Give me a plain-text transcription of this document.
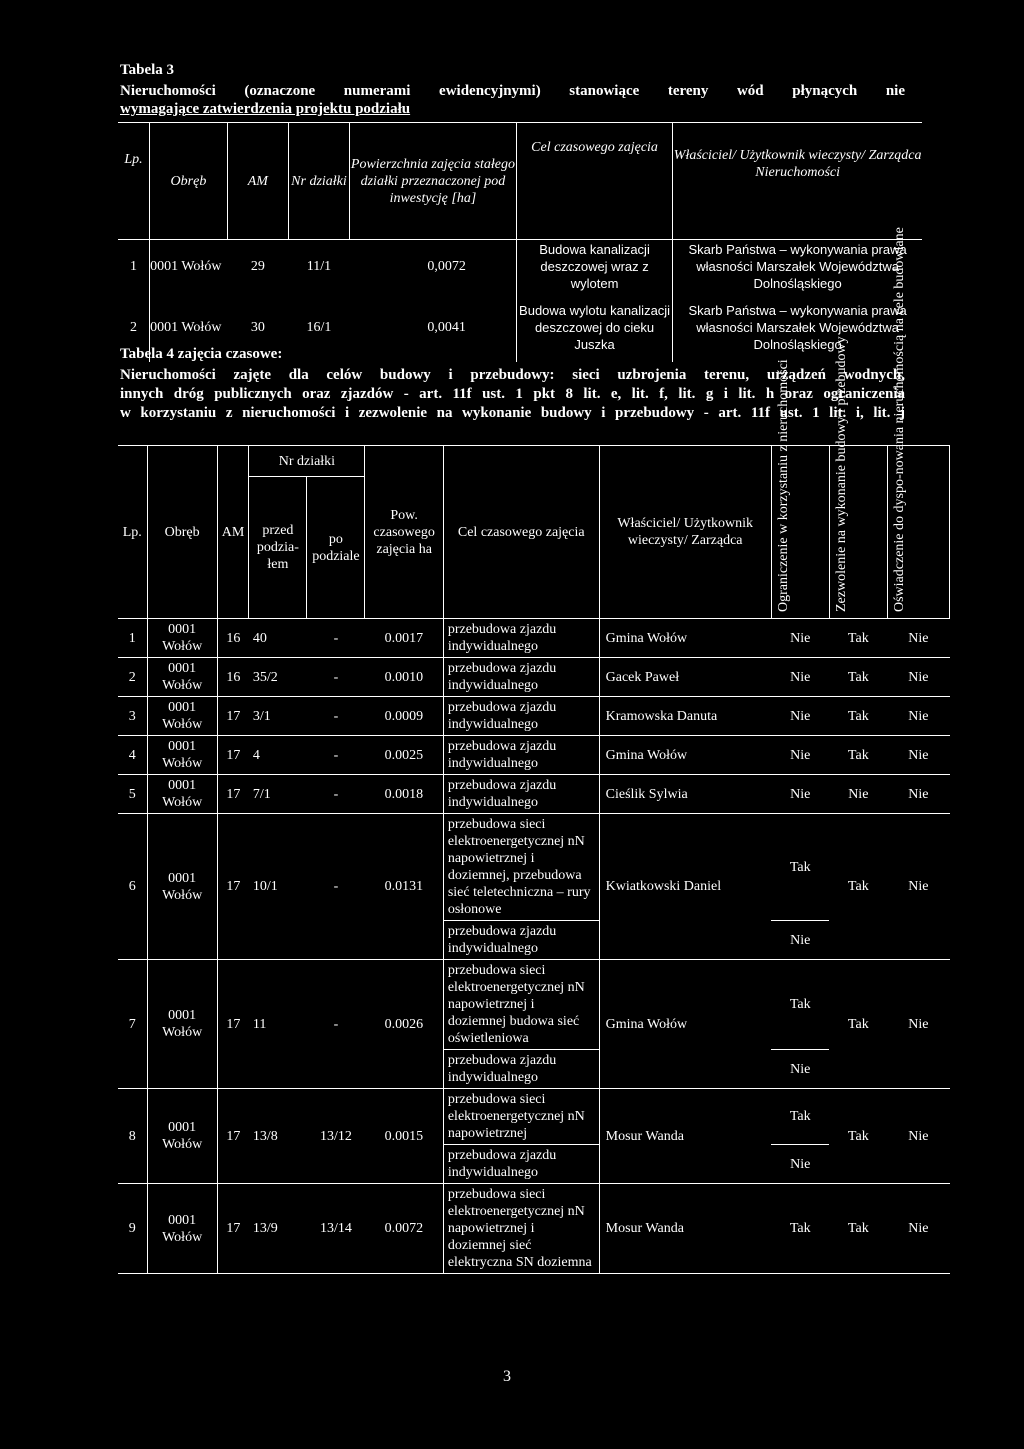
Tabela 3
Nieruchomości (oznaczone numerami ewidencyjnymi) stanowiące tereny wód płynących nie
wymagające zatwierdzenia projektu podziału
Lp.	Obręb	AM	Nr działki	Powierzchnia zajęcia stałego działki przeznaczonej pod inwestycję [ha]	Cel czasowego zajęcia	Właściciel/ Użytkownik wieczysty/ Zarządca Nieruchomości
1	0001 Wołów	29	11/1	0,0072	Budowa kanalizacji deszczowej wraz z wylotem	Skarb Państwa – wykonywania prawa własności Marszałek Województwa Dolnośląskiego
2	0001 Wołów	30	16/1	0,0041	Budowa wylotu kanalizacji deszczowej do cieku Juszka	Skarb Państwa – wykonywania prawa własności Marszałek Województwa Dolnośląskiego
Tabela 4 zajęcia czasowe:
Nieruchomości zajęte dla celów budowy i przebudowy: sieci uzbrojenia terenu, urządzeń wodnych,
innych dróg publicznych oraz zjazdów - art. 11f ust. 1 pkt 8 lit. e, lit. f, lit. g i lit. h oraz ograniczenia
w korzystaniu z nieruchomości i zezwolenie na wykonanie budowy i przebudowy - art. 11f ust. 1 lit. i, lit. j
Lp.	Obręb	AM	Nr działki		Pow. czasowego zajęcia ha	Cel czasowego zajęcia	Właściciel/ Użytkownik wieczysty/ Zarządca	Ograniczenie w korzystaniu z nieruchomości	Zezwolenie na wykonanie budowy i przebudowy	Oświadczenie do dyspo-nowania nieruchomością na cele budowlane

			przed podzia-łem	po podziale						
1	0001 Wołów	16	40	-	0.0017	przebudowa zjazdu indywidualnego	Gmina Wołów	Nie	Tak	Nie
2	0001 Wołów	16	35/2	-	0.0010	przebudowa zjazdu indywidualnego	Gacek Paweł	Nie	Tak	Nie
3	0001 Wołów	17	3/1	-	0.0009	przebudowa zjazdu indywidualnego	Kramowska Danuta	Nie	Tak	Nie
4	0001 Wołów	17	4	-	0.0025	przebudowa zjazdu indywidualnego	Gmina Wołów	Nie	Tak	Nie
5	0001 Wołów	17	7/1	-	0.0018	przebudowa zjazdu indywidualnego	Cieślik Sylwia	Nie	Nie	Nie
6	0001 Wołów	17	10/1	-	0.0131	przebudowa sieci elektroenergetycznej nN napowietrznej i doziemnej, przebudowa sieć teletechniczna – rury osłonowe	Kwiatkowski Daniel	Tak	Tak	Nie
						przebudowa zjazdu indywidualnego		Nie		
7	0001 Wołów	17	11	-	0.0026	przebudowa sieci elektroenergetycznej nN napowietrznej i doziemnej budowa sieć oświetleniowa	Gmina Wołów	Tak	Tak	Nie
						przebudowa zjazdu indywidualnego		Nie		
8	0001 Wołów	17	13/8	13/12	0.0015	przebudowa sieci elektroenergetycznej nN napowietrznej	Mosur Wanda	Tak	Tak	Nie
						przebudowa zjazdu indywidualnego		Nie		
9	0001 Wołów	17	13/9	13/14	0.0072	przebudowa sieci elektroenergetycznej nN napowietrznej i doziemnej sieć elektryczna SN doziemna	Mosur Wanda	Tak	Tak	Nie
3
